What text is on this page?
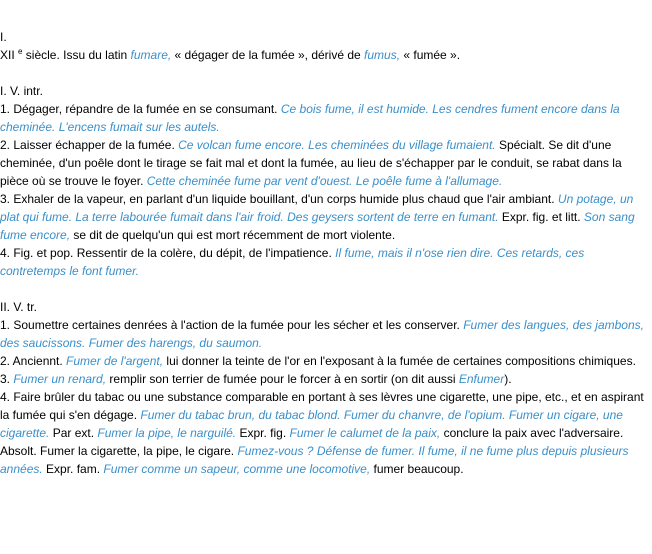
I.

XII $^e$ siècle. Issu du latin fumare, « dégager de la fumée », dérivé de fumus, « fumée ».

I. V. intr.

1. Dégager, répandre de la fumée en se consumant. Ce bois fume, il est humide. Les cendres fument encore dans la cheminée. L'encens fumait sur les autels.

2. Laisser échapper de la fumée. Ce volcan fume encore. Les cheminées du village fumaient. Spécialt. Se dit d'une cheminée, d'un poêle dont le tirage se fait mal et dont la fumée, au lieu de s'échapper par le conduit, se rabat dans la pièce où se trouve le foyer. Cette cheminée fume par vent d'ouest. Le poêle fume à l'allumage.

3. Exhaler de la vapeur, en parlant d'un liquide bouillant, d'un corps humide plus chaud que l'air ambiant. Un potage, un plat qui fume. La terre labourée fumait dans l'air froid. Des geysers sortent de terre en fumant. Expr. fig. et litt. Son sang fume encore, se dit de quelqu'un qui est mort récemment de mort violente.

4. Fig. et pop. Ressentir de la colère, du dépit, de l'impatience. Il fume, mais il n'ose rien dire. Ces retards, ces contretemps le font fumer.

II. V. tr.

1. Soumettre certaines denrées à l'action de la fumée pour les sécher et les conserver. Fumer des langues, des jambons, des saucissons. Fumer des harengs, du saumon.

2. Anciennt. Fumer de l'argent, lui donner la teinte de l'or en l'exposant à la fumée de certaines compositions chimiques.

3. Fumer un renard, remplir son terrier de fumée pour le forcer à en sortir (on dit aussi Enfumer).

4. Faire brûler du tabac ou une substance comparable en portant à ses lèvres une cigarette, une pipe, etc., et en aspirant la fumée qui s'en dégage. Fumer du tabac brun, du tabac blond. Fumer du chanvre, de l'opium. Fumer un cigare, une cigarette. Par ext. Fumer la pipe, le narguilé. Expr. fig. Fumer le calumet de la paix, conclure la paix avec l'adversaire. Absolt. Fumer la cigarette, la pipe, le cigare. Fumez-vous ? Défense de fumer. Il fume, il ne fume plus depuis plusieurs années. Expr. fam. Fumer comme un sapeur, comme une locomotive, fumer beaucoup.
